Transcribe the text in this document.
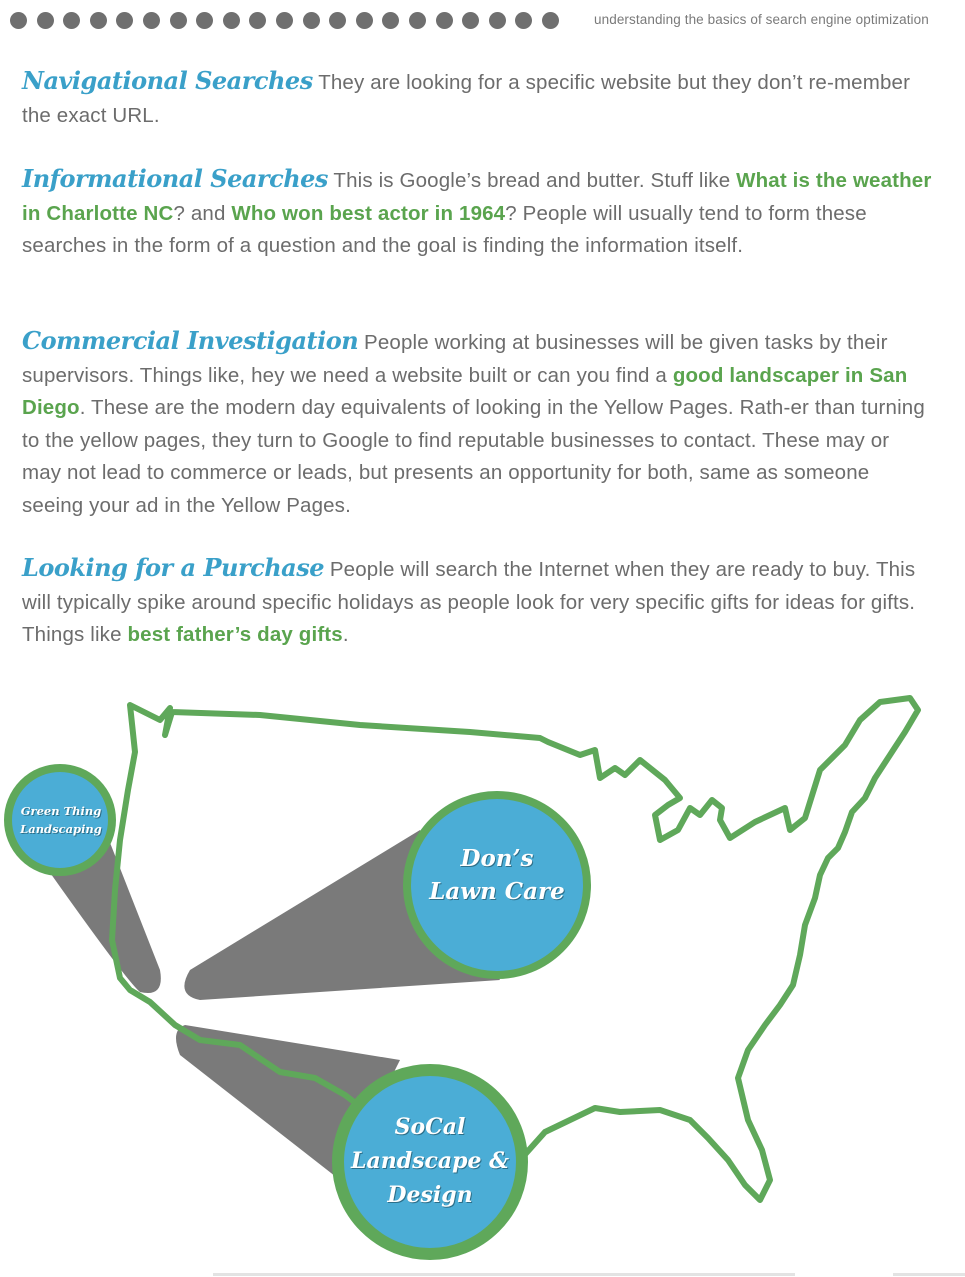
understanding the basics of search engine optimization
Navigational Searches They are looking for a specific website but they don’t re-member the exact URL.
Informational Searches This is Google’s bread and butter. Stuff like What is the weather in Charlotte NC? and Who won best actor in 1964? People will usually tend to form these searches in the form of a question and the goal is finding the information itself.
Commercial Investigation People working at businesses will be given tasks by their supervisors. Things like, hey we need a website built or can you find a good landscaper in San Diego. These are the modern day equivalents of looking in the Yellow Pages. Rath-er than turning to the yellow pages, they turn to Google to find reputable businesses to contact. These may or may not lead to commerce or leads, but presents an opportunity for both, same as someone seeing your ad in the Yellow Pages.
Looking for a Purchase People will search the Internet when they are ready to buy. This will typically spike around specific holidays as people look for very specific gifts for ideas for gifts. Things like best father’s day gifts.
Green Thing
Landscaping
Don’s
Lawn Care
SoCal
Landscape &
Design
